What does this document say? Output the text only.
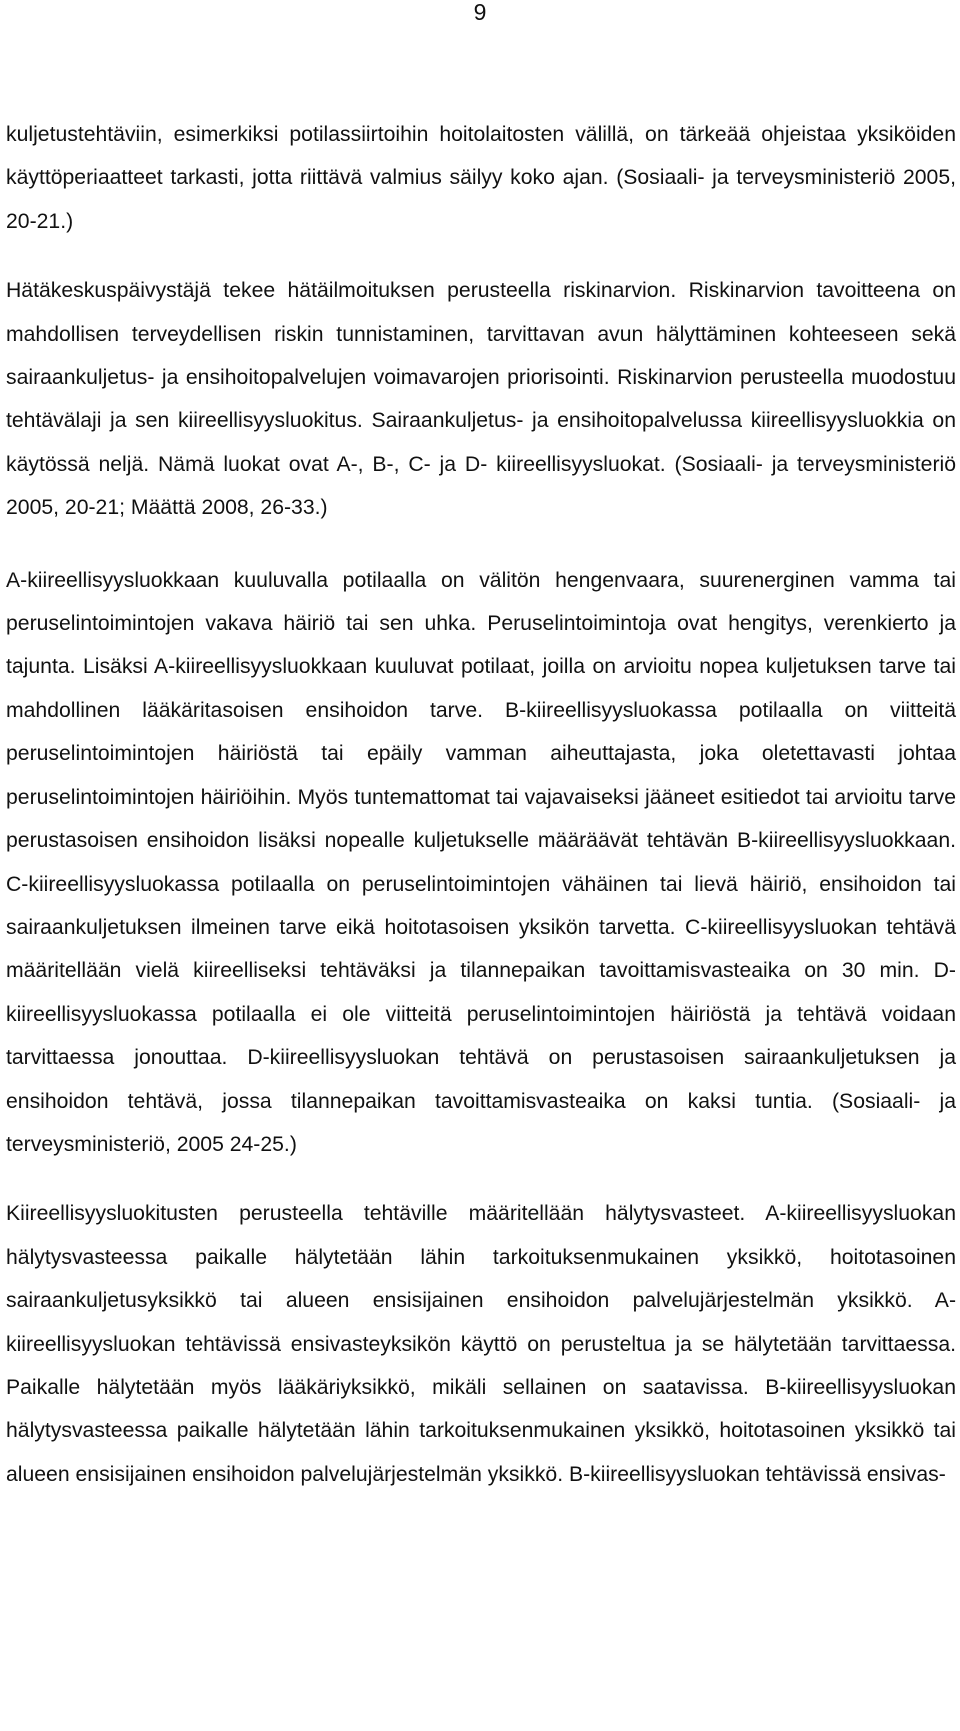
9

kuljetustehtäviin, esimerkiksi potilassiirtoihin hoitolaitosten välillä, on tärkeää ohjeistaa yksiköiden käyttöperiaatteet tarkasti, jotta riittävä valmius säilyy koko ajan. (Sosiaali- ja terveysministeriö 2005, 20-21.)

Hätäkeskuspäivystäjä tekee hätäilmoituksen perusteella riskinarvion. Riskinarvion tavoitteena on mahdollisen terveydellisen riskin tunnistaminen, tarvittavan avun hälyttäminen kohteeseen sekä sairaankuljetus- ja ensihoitopalvelujen voimavarojen priorisointi. Riskinarvion perusteella muodostuu tehtävälaji ja sen kiireellisyysluokitus. Sairaankuljetus- ja ensihoitopalvelussa kiireellisyysluokkia on käytössä neljä. Nämä luokat ovat A-, B-, C- ja D- kiireellisyysluokat. (Sosiaali- ja terveysministeriö 2005, 20-21; Määttä 2008, 26-33.)

A-kiireellisyysluokkaan kuuluvalla potilaalla on välitön hengenvaara, suurenerginen vamma tai peruselintoimintojen vakava häiriö tai sen uhka. Peruselintoimintoja ovat hengitys, verenkierto ja tajunta. Lisäksi A-kiireellisyysluokkaan kuuluvat potilaat, joilla on arvioitu nopea kuljetuksen tarve tai mahdollinen lääkäritasoisen ensihoidon tarve. B-kiireellisyysluokassa potilaalla on viitteitä peruselintoimintojen häiriöstä tai epäily vamman aiheuttajasta, joka oletettavasti johtaa peruselintoimintojen häiriöihin. Myös tuntemattomat tai vajavaiseksi jääneet esitiedot tai arvioitu tarve perustasoisen ensihoidon lisäksi nopealle kuljetukselle määräävät tehtävän B-kiireellisyysluokkaan. C-kiireellisyysluokassa potilaalla on peruselintoimintojen vähäinen tai lievä häiriö, ensihoidon tai sairaankuljetuksen ilmeinen tarve eikä hoitotasoisen yksikön tarvetta. C-kiireellisyysluokan tehtävä määritellään vielä kiireelliseksi tehtäväksi ja tilannepaikan tavoittamisvasteaika on 30 min. D-kiireellisyysluokassa potilaalla ei ole viitteitä peruselintoimintojen häiriöstä ja tehtävä voidaan tarvittaessa jonouttaa. D-kiireellisyysluokan tehtävä on perustasoisen sairaankuljetuksen ja ensihoidon tehtävä, jossa tilannepaikan tavoittamisvasteaika on kaksi tuntia. (Sosiaali- ja terveysministeriö, 2005 24-25.)

Kiireellisyysluokitusten perusteella tehtäville määritellään hälytysvasteet. A-kiireellisyysluokan hälytysvasteessa paikalle hälytetään lähin tarkoituksenmukainen yksikkö, hoitotasoinen sairaankuljetusyksikkö tai alueen ensisijainen ensihoidon palvelujärjestelmän yksikkö. A-kiireellisyysluokan tehtävissä ensivasteyksikön käyttö on perusteltua ja se hälytetään tarvittaessa. Paikalle hälytetään myös lääkäriyksikkö, mikäli sellainen on saatavissa. B-kiireellisyysluokan hälytysvasteessa paikalle hälytetään lähin tarkoituksenmukainen yksikkö, hoitotasoinen yksikkö tai alueen ensisijainen ensihoidon palvelujärjestelmän yksikkö. B-kiireellisyysluokan tehtävissä ensivas-
